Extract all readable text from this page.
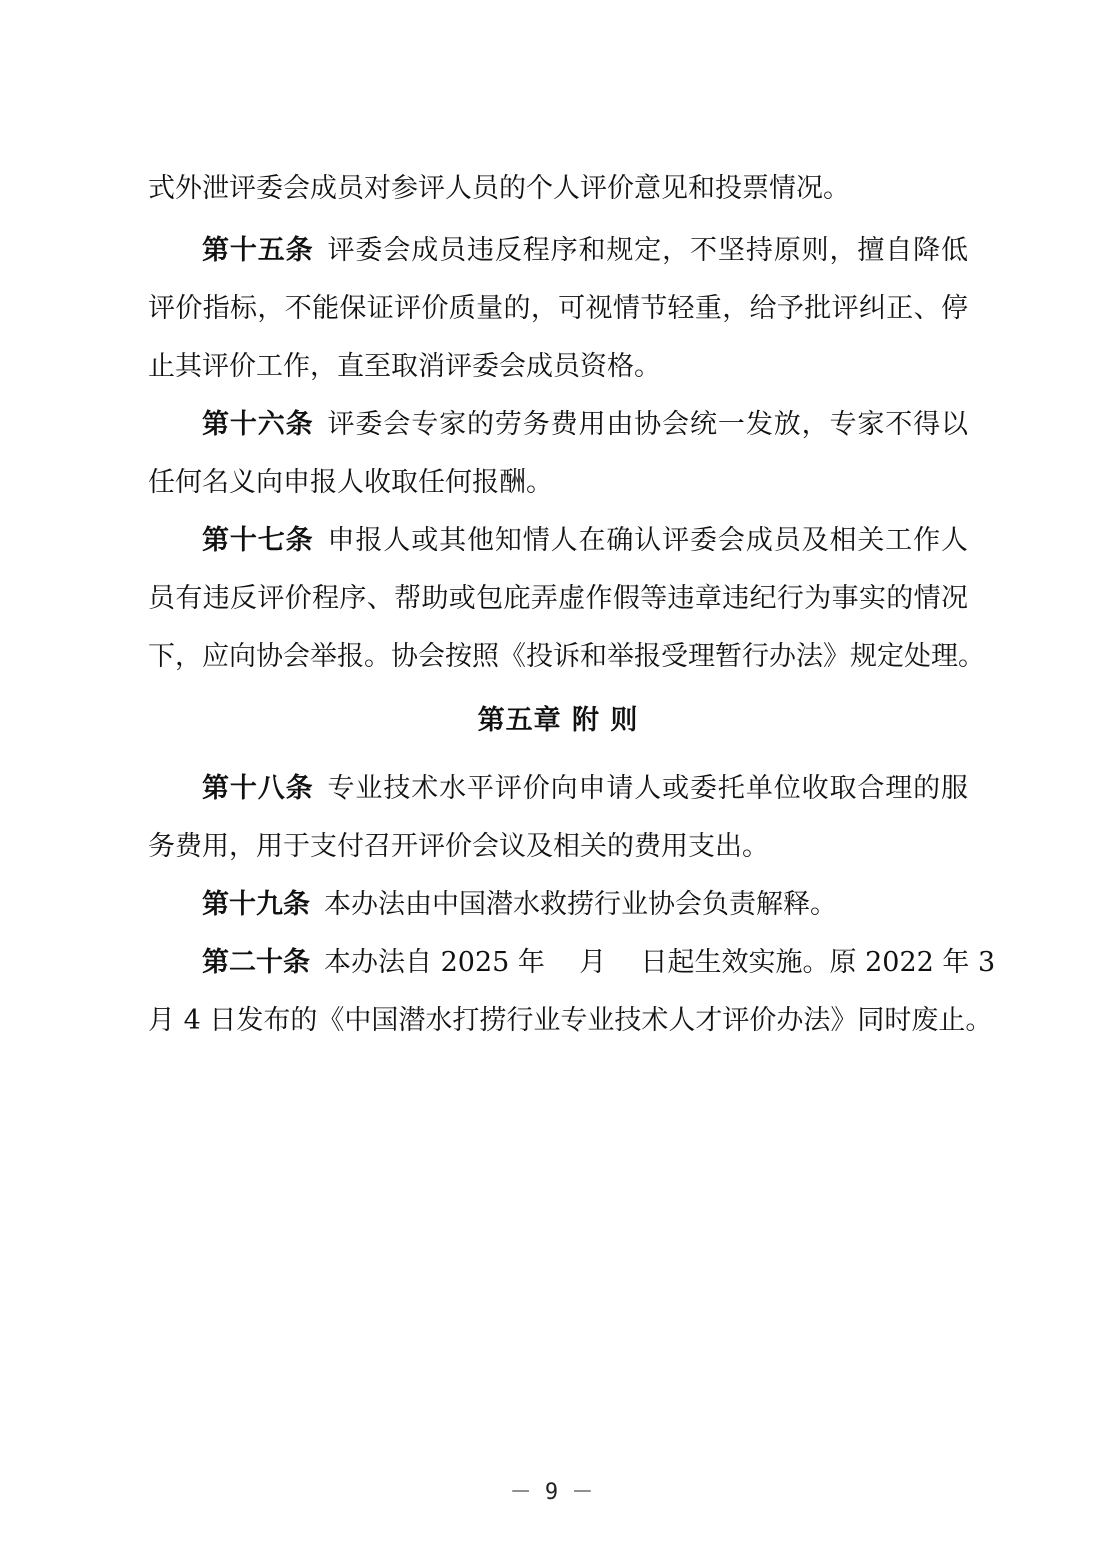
式外泄评委会成员对参评人员的个人评价意见和投票情况。
第十五条 评委会成员违反程序和规定，不坚持原则，擅自降低
评价指标，不能保证评价质量的，可视情节轻重，给予批评纠正、停
止其评价工作，直至取消评委会成员资格。
第十六条 评委会专家的劳务费用由协会统一发放，专家不得以
任何名义向申报人收取任何报酬。
第十七条 申报人或其他知情人在确认评委会成员及相关工作人
员有违反评价程序、帮助或包庇弄虚作假等违章违纪行为事实的情况
下，应向协会举报。协会按照《投诉和举报受理暂行办法》规定处理。
第五章 附 则
第十八条 专业技术水平评价向申请人或委托单位收取合理的服
务费用，用于支付召开评价会议及相关的费用支出。
第十九条 本办法由中国潜水救捞行业协会负责解释。
第二十条 本办法自 2025 年    月    日起生效实施。原 2022 年 3
月 4 日发布的《中国潜水打捞行业专业技术人才评价办法》同时废止。
－ 9 －
